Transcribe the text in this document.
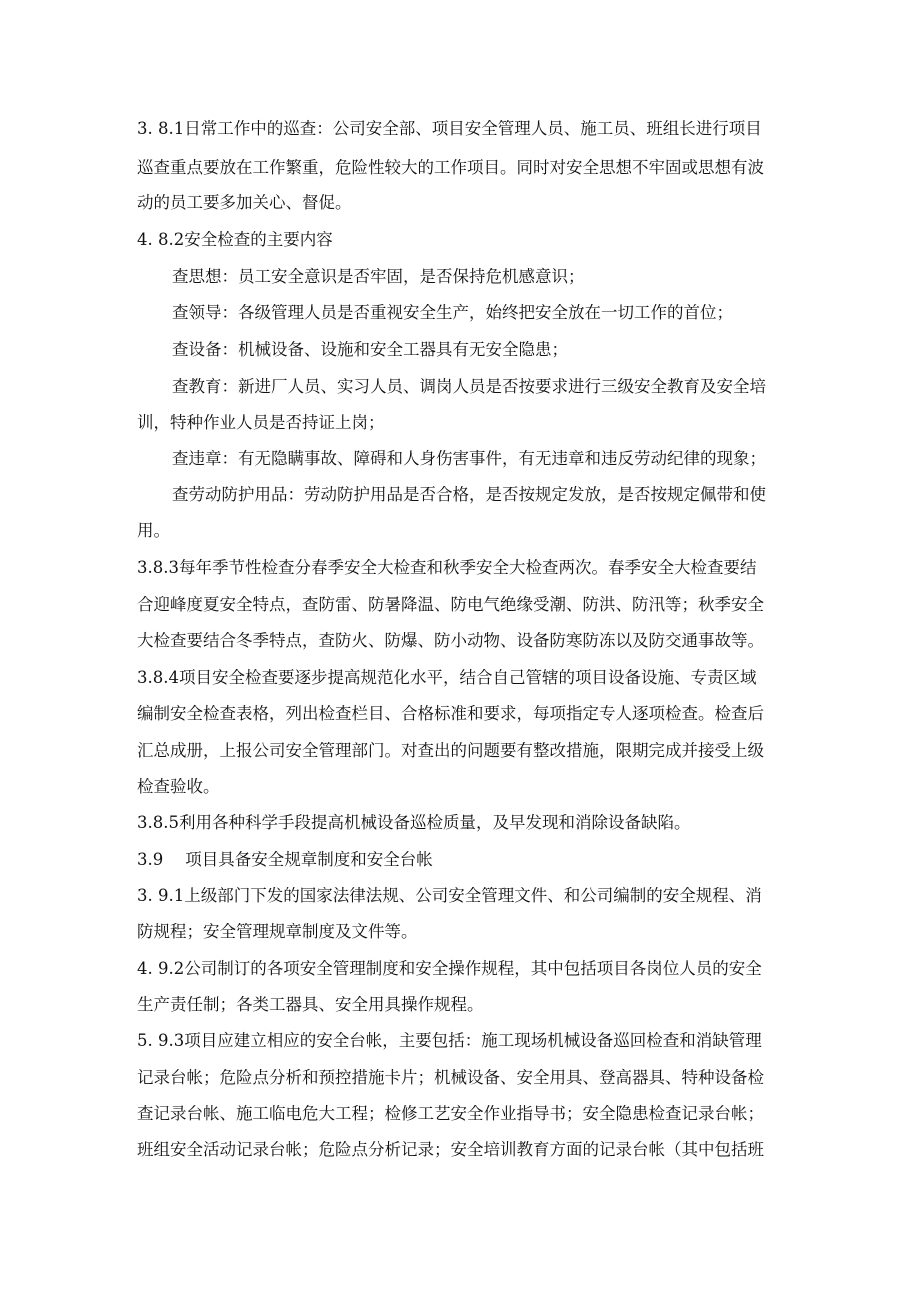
3. 8.1日常工作中的巡查：公司安全部、项目安全管理人员、施工员、班组长进行项目
巡查重点要放在工作繁重，危险性较大的工作项目。同时对安全思想不牢固或思想有波
动的员工要多加关心、督促。
4. 8.2安全检查的主要内容
查思想：员工安全意识是否牢固，是否保持危机感意识；
查领导：各级管理人员是否重视安全生产，始终把安全放在一切工作的首位；
查设备：机械设备、设施和安全工器具有无安全隐患；
查教育：新进厂人员、实习人员、调岗人员是否按要求进行三级安全教育及安全培
训，特种作业人员是否持证上岗；
查违章：有无隐瞒事故、障碍和人身伤害事件，有无违章和违反劳动纪律的现象；
查劳动防护用品：劳动防护用品是否合格，是否按规定发放，是否按规定佩带和使
用。
3.8.3每年季节性检查分春季安全大检查和秋季安全大检查两次。春季安全大检查要结
合迎峰度夏安全特点，查防雷、防暑降温、防电气绝缘受潮、防洪、防汛等；秋季安全
大检查要结合冬季特点，查防火、防爆、防小动物、设备防寒防冻以及防交通事故等。
3.8.4项目安全检查要逐步提高规范化水平，结合自己管辖的项目设备设施、专责区域
编制安全检查表格，列出检查栏目、合格标准和要求，每项指定专人逐项检查。检查后
汇总成册，上报公司安全管理部门。对查出的问题要有整改措施，限期完成并接受上级
检查验收。
3.8.5利用各种科学手段提高机械设备巡检质量，及早发现和消除设备缺陷。
3.9 项目具备安全规章制度和安全台帐
3. 9.1上级部门下发的国家法律法规、公司安全管理文件、和公司编制的安全规程、消
防规程；安全管理规章制度及文件等。
4. 9.2公司制订的各项安全管理制度和安全操作规程，其中包括项目各岗位人员的安全
生产责任制；各类工器具、安全用具操作规程。
5. 9.3项目应建立相应的安全台帐，主要包括：施工现场机械设备巡回检查和消缺管理
记录台帐；危险点分析和预控措施卡片；机械设备、安全用具、登高器具、特种设备检
查记录台帐、施工临电危大工程；检修工艺安全作业指导书；安全隐患检查记录台帐；
班组安全活动记录台帐；危险点分析记录；安全培训教育方面的记录台帐（其中包括班
